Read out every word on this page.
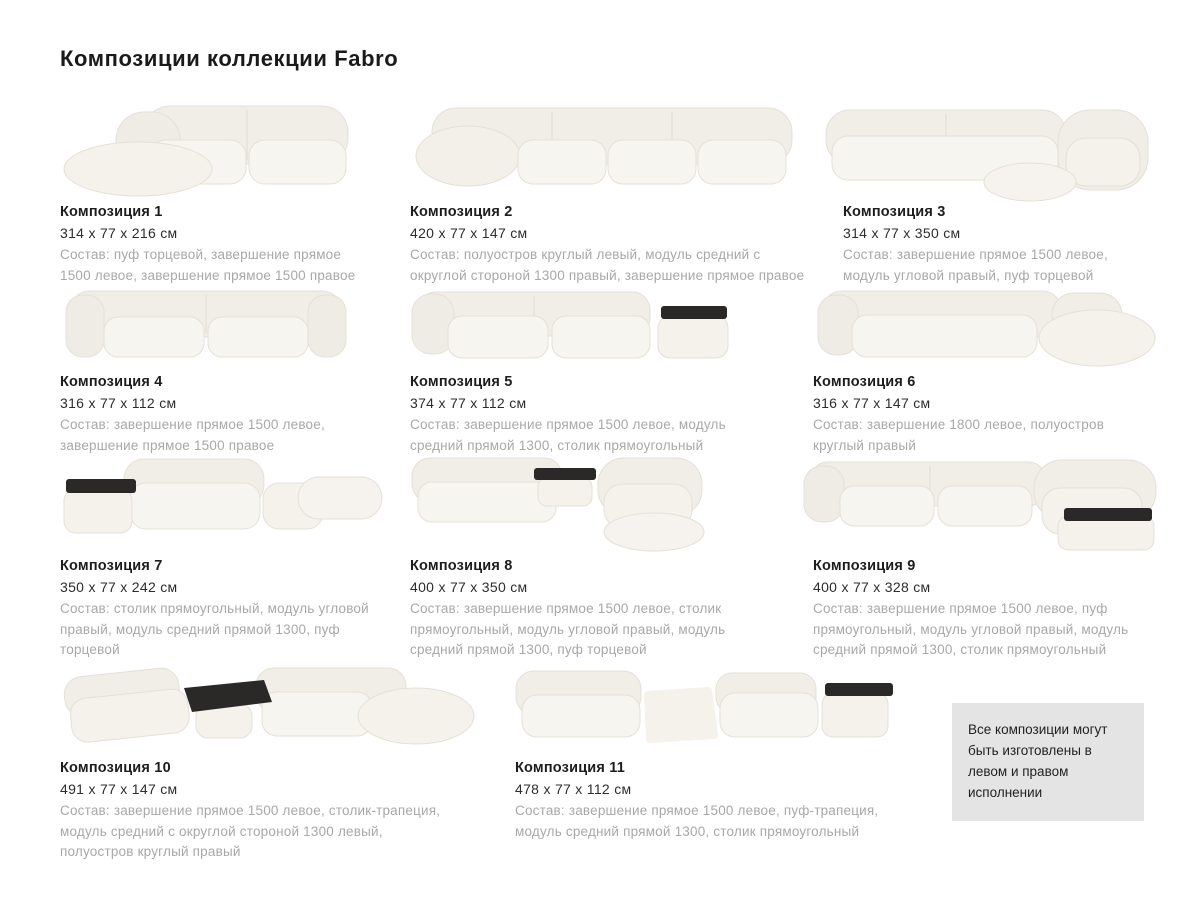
Композиции коллекции Fabro
Композиция 1
314 x 77 x 216 см
Состав: пуф торцевой, завершение прямое 1500 левое, завершение прямое 1500 правое
Композиция 2
420 x 77 x 147 см
Состав: полуостров круглый левый, модуль средний с округлой стороной 1300 правый, завершение прямое правое
Композиция 3
314 x 77 x 350 см
Состав: завершение прямое 1500 левое, модуль угловой правый, пуф торцевой
Композиция 4
316 x 77 x 112 см
Состав: завершение прямое 1500 левое, завершение прямое 1500 правое
Композиция 5
374 x 77 x 112 см
Состав: завершение прямое 1500 левое, модуль средний прямой 1300, столик прямоугольный
Композиция 6
316 x 77 x 147 см
Состав: завершение 1800 левое, полуостров круглый правый
Композиция 7
350 x 77 x 242 см
Состав: столик прямоугольный, модуль угловой правый, модуль средний прямой 1300, пуф торцевой
Композиция 8
400 x 77 x 350 см
Состав: завершение прямое 1500 левое, столик прямоугольный, модуль угловой правый, модуль средний прямой 1300, пуф торцевой
Композиция 9
400 x 77 x 328 см
Состав: завершение прямое 1500 левое, пуф прямоугольный, модуль угловой правый, модуль средний прямой 1300, столик прямоугольный
Композиция 10
491 x 77 x 147 см
Состав: завершение прямое 1500 левое, столик-трапеция, модуль средний с округлой стороной 1300 левый, полуостров круглый правый
Композиция 11
478 x 77 x 112 см
Состав: завершение прямое 1500 левое, пуф-трапеция, модуль средний прямой 1300, столик прямоугольный
Все композиции могут быть изготовлены в левом и правом исполнении
